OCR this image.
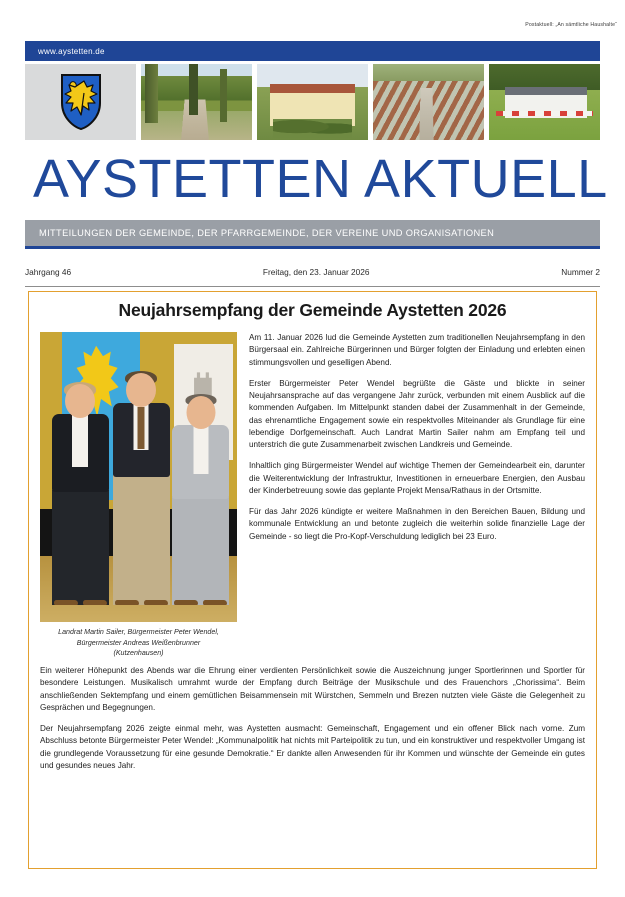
Postaktuell: „An sämtliche Haushalte“
www.aystetten.de
AYSTETTEN AKTUELL
MITTEILUNGEN DER GEMEINDE, DER PFARRGEMEINDE, DER VEREINE UND ORGANISATIONEN
Jahrgang 46	Freitag, den 23. Januar 2026	Nummer 2
Neujahrsempfang der Gemeinde Aystetten 2026
Landrat Martin Sailer, Bürgermeister Peter Wendel,
Bürgermeister Andreas Weißenbrunner
(Kutzenhausen)

Am 11. Januar 2026 lud die Gemeinde Aystetten zum traditionellen Neujahrsempfang in den Bürgersaal ein. Zahlreiche Bürgerinnen und Bürger folgten der Einladung und erlebten einen stimmungsvollen und geselligen Abend.

Erster Bürgermeister Peter Wendel begrüßte die Gäste und blickte in seiner Neujahrsansprache auf das vergangene Jahr zurück, verbunden mit einem Ausblick auf die kommenden Aufgaben. Im Mittelpunkt standen dabei der Zusammenhalt in der Gemeinde, das ehrenamtliche Engagement sowie ein respektvolles Miteinander als Grundlage für eine lebendige Dorfgemeinschaft. Auch Landrat Martin Sailer nahm am Empfang teil und unterstrich die gute Zusammenarbeit zwischen Landkreis und Gemeinde.

Inhaltlich ging Bürgermeister Wendel auf wichtige Themen der Gemeindearbeit ein, darunter die Weiterentwicklung der Infrastruktur, Investitionen in erneuerbare Energien, den Ausbau der Kinderbetreuung sowie das geplante Projekt Mensa/Rathaus in der Ortsmitte.

Für das Jahr 2026 kündigte er weitere Maßnahmen in den Bereichen Bauen, Bildung und kommunale Entwicklung an und betonte zugleich die weiterhin solide finanzielle Lage der Gemeinde - so liegt die Pro-Kopf-Verschuldung lediglich bei 23 Euro.

Ein weiterer Höhepunkt des Abends war die Ehrung einer verdienten Persönlichkeit sowie die Auszeichnung junger Sportlerinnen und Sportler für besondere Leistungen. Musikalisch umrahmt wurde der Empfang durch Beiträge der Musikschule und des Frauenchors „Chorissima“. Beim anschließenden Sektempfang und einem gemütlichen Beisammensein mit Würstchen, Semmeln und Brezen nutzten viele Gäste die Gelegenheit zu Gesprächen und Begegnungen.

Der Neujahrsempfang 2026 zeigte einmal mehr, was Aystetten ausmacht: Gemeinschaft, Engagement und ein offener Blick nach vorne. Zum Abschluss betonte Bürgermeister Peter Wendel: „Kommunalpolitik hat nichts mit Parteipolitik zu tun, und ein konstruktiver und respektvoller Umgang ist die grundlegende Voraussetzung für eine gesunde Demokratie.“ Er dankte allen Anwesenden für ihr Kommen und wünschte der Gemeinde ein gutes und gesundes neues Jahr.
